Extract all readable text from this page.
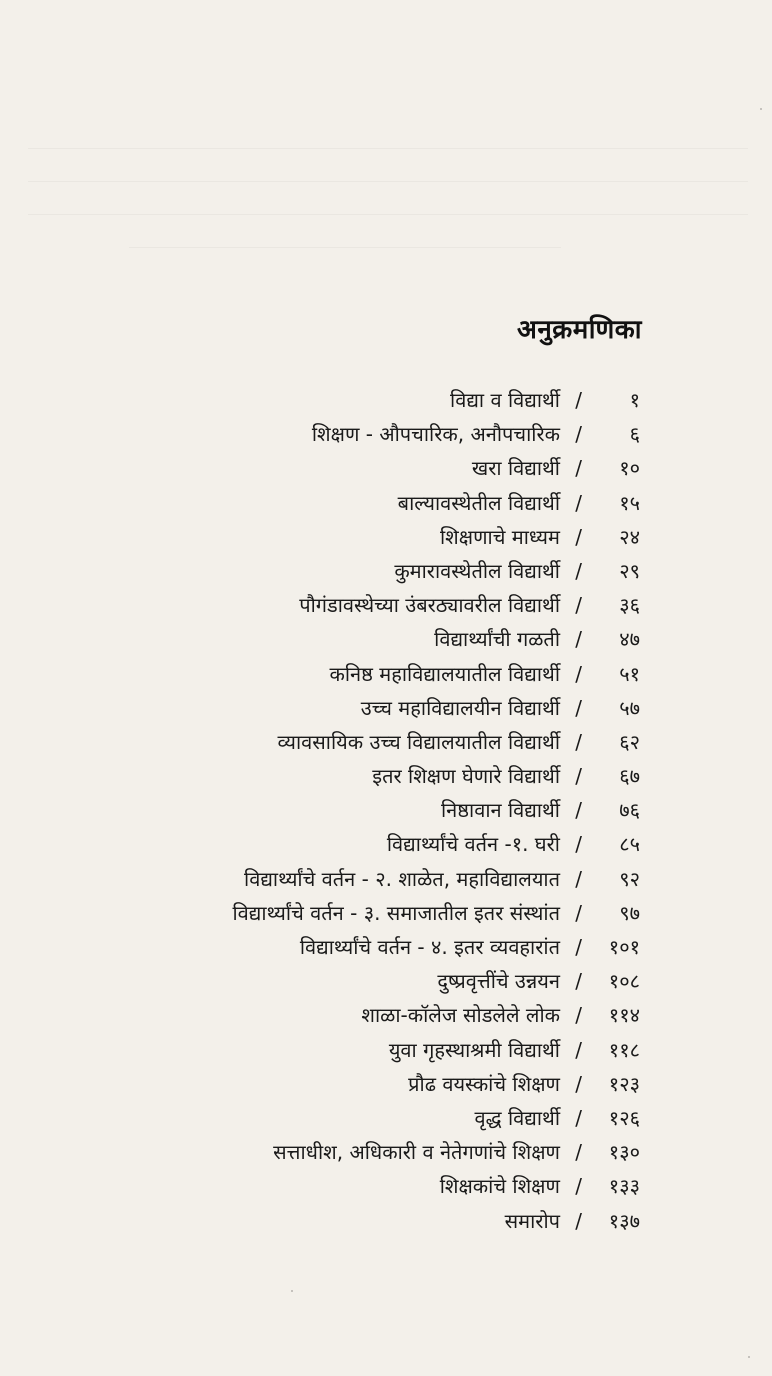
अनुक्रमणिका
विद्या व विद्यार्थी / १
शिक्षण - औपचारिक, अनौपचारिक / ६
खरा विद्यार्थी / १०
बाल्यावस्थेतील विद्यार्थी / १५
शिक्षणाचे माध्यम / २४
कुमारावस्थेतील विद्यार्थी / २९
पौगंडावस्थेच्या उंबरठ्यावरील विद्यार्थी / ३६
विद्यार्थ्यांची गळती / ४७
कनिष्ठ महाविद्यालयातील विद्यार्थी / ५१
उच्च महाविद्यालयीन विद्यार्थी / ५७
व्यावसायिक उच्च विद्यालयातील विद्यार्थी / ६२
इतर शिक्षण घेणारे विद्यार्थी / ६७
निष्ठावान विद्यार्थी / ७६
विद्यार्थ्यांचे वर्तन -१. घरी / ८५
विद्यार्थ्यांचे वर्तन - २. शाळेत, महाविद्यालयात / ९२
विद्यार्थ्यांचे वर्तन - ३. समाजातील इतर संस्थांत / ९७
विद्यार्थ्यांचे वर्तन - ४. इतर व्यवहारांत / १०१
दुष्प्रवृत्तींचे उन्नयन / १०८
शाळा-कॉलेज सोडलेले लोक / ११४
युवा गृहस्थाश्रमी विद्यार्थी / ११८
प्रौढ वयस्कांचे शिक्षण / १२३
वृद्ध विद्यार्थी / १२६
सत्ताधीश, अधिकारी व नेतेगणांचे शिक्षण / १३०
शिक्षकांचे शिक्षण / १३३
समारोप / १३७
